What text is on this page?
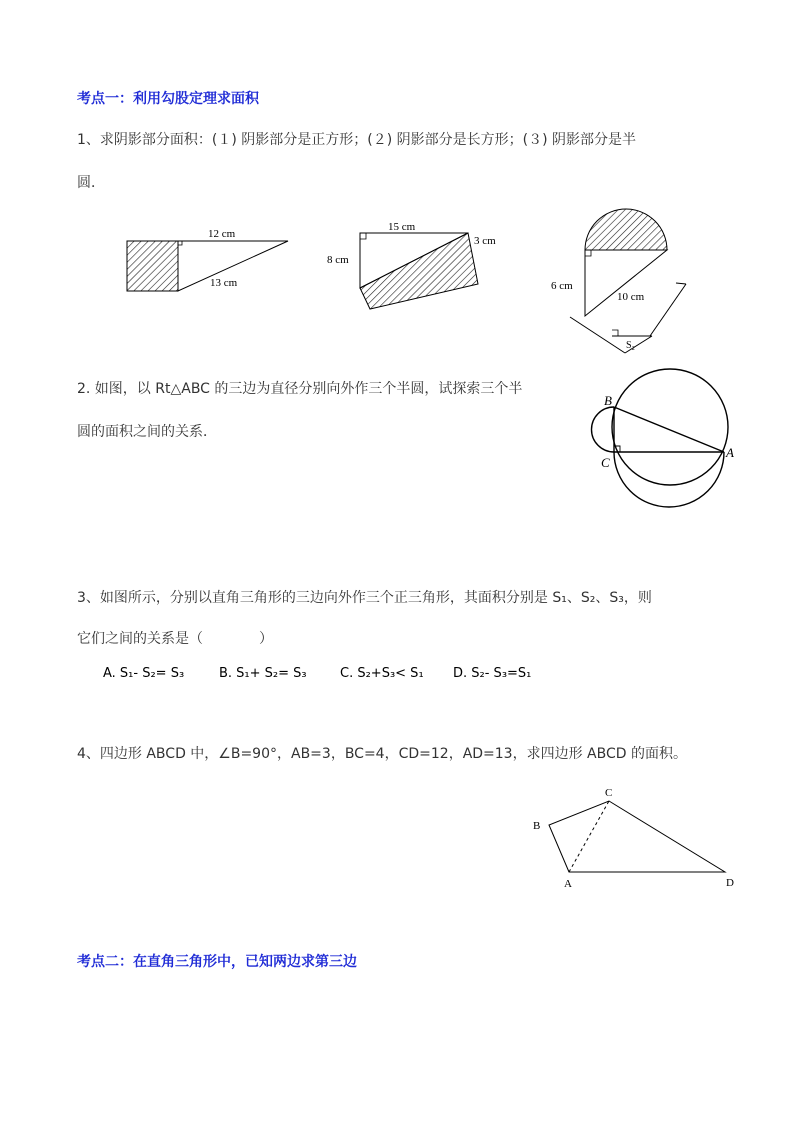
考点一：利用勾股定理求面积
1、求阴影部分面积：(１) 阴影部分是正方形；(２) 阴影部分是长方形；(３) 阴影部分是半
圆．
12 cm
13 cm
15 cm
8 cm
3 cm
6 cm
10 cm
S₂
B
C
A
B
C
A	D
2. 如图，以 Rt△ABC 的三边为直径分别向外作三个半圆，试探索三个半
圆的面积之间的关系．
3、如图所示，分别以直角三角形的三边向外作三个正三角形，其面积分别是 S₁、S₂、S₃，则
它们之间的关系是（　　　　）
A. S₁- S₂= S₃	B. S₁+ S₂= S₃	C. S₂+S₃< S₁ D. S₂- S₃=S₁
4、四边形 ABCD 中，∠B=90°，AB=3，BC=4，CD=12，AD=13，求四边形 ABCD 的面积。
考点二：在直角三角形中，已知两边求第三边
